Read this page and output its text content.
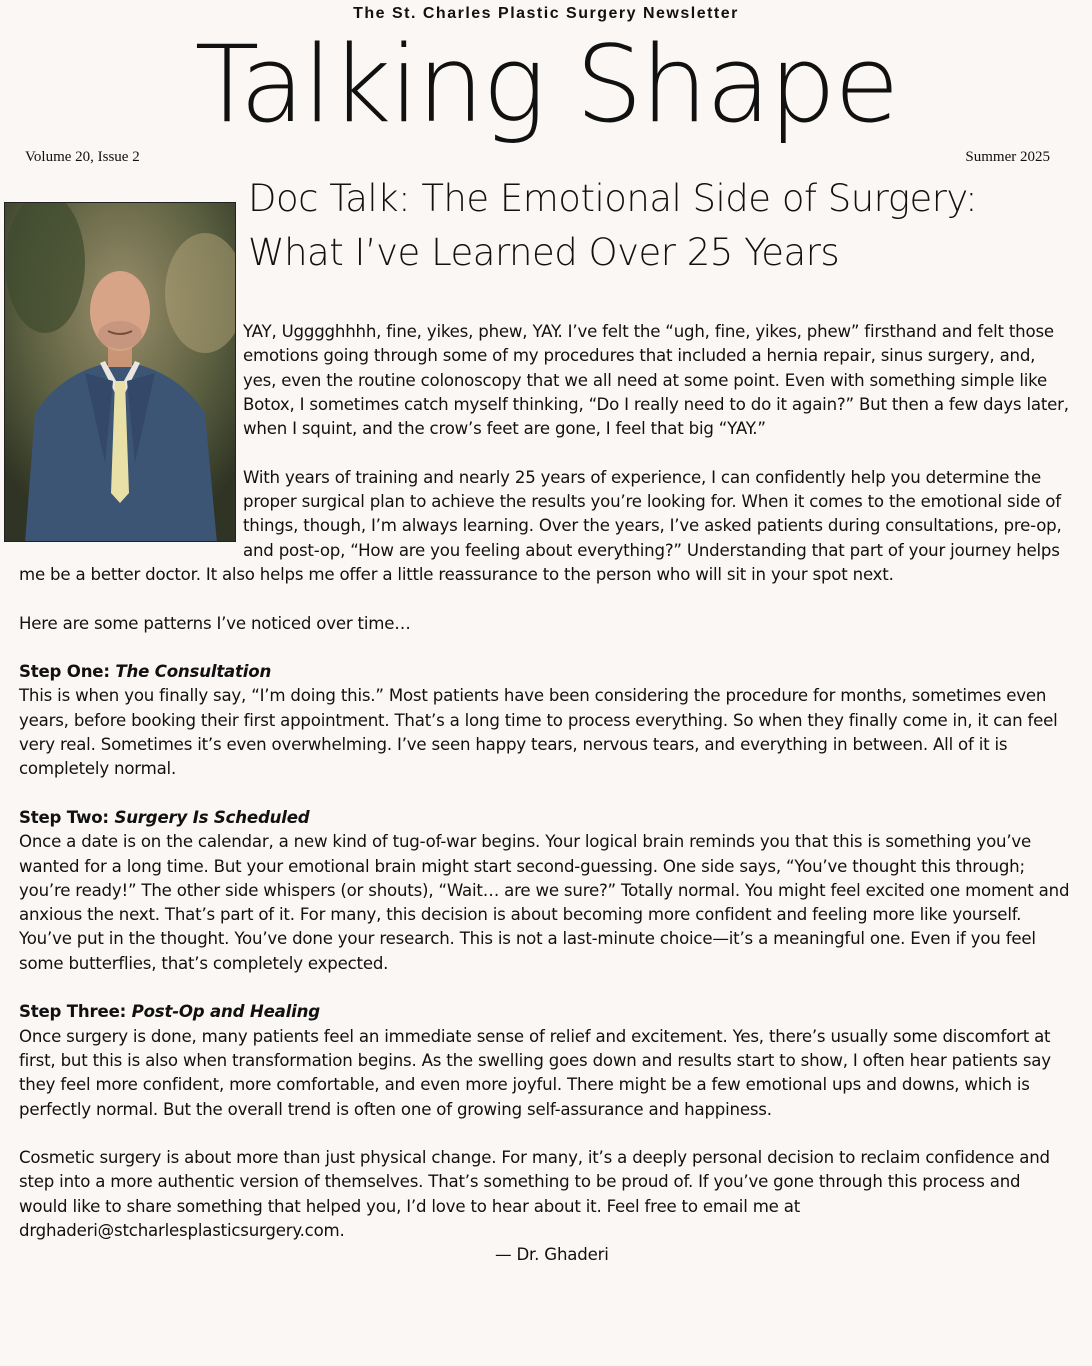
The St. Charles Plastic Surgery Newsletter
Talking Shape
Volume 20, Issue 2	Summer 2025
Doc Talk: The Emotional Side of Surgery:
What I’ve Learned Over 25 Years

YAY, Ugggghhhh, fine, yikes, phew, YAY. I’ve felt the “ugh, fine, yikes, phew” firsthand and felt those emotions going through some of my procedures that included a hernia repair, sinus surgery, and, yes, even the routine colonoscopy that we all need at some point. Even with something simple like Botox, I sometimes catch myself thinking, “Do I really need to do it again?” But then a few days later, when I squint, and the crow’s feet are gone, I feel that big “YAY.”

With years of training and nearly 25 years of experience, I can confidently help you determine the proper surgical plan to achieve the results you’re looking for. When it comes to the emotional side of things, though, I’m always learning. Over the years, I’ve asked patients during consultations, pre-op, and post-op, “How are you feeling about everything?” Understanding that part of your journey helps me be a better doctor. It also helps me offer a little reassurance to the person who will sit in your spot next.

Here are some patterns I’ve noticed over time…

Step One: The Consultation
This is when you finally say, “I’m doing this.” Most patients have been considering the procedure for months, sometimes even years, before booking their first appointment. That’s a long time to process everything. So when they finally come in, it can feel very real. Sometimes it’s even overwhelming. I’ve seen happy tears, nervous tears, and everything in between. All of it is completely normal.

Step Two: Surgery Is Scheduled
Once a date is on the calendar, a new kind of tug-of-war begins. Your logical brain reminds you that this is something you’ve wanted for a long time. But your emotional brain might start second-guessing. One side says, “You’ve thought this through; you’re ready!” The other side whispers (or shouts), “Wait… are we sure?” Totally normal. You might feel excited one moment and anxious the next. That’s part of it. For many, this decision is about becoming more confident and feeling more like yourself. You’ve put in the thought. You’ve done your research. This is not a last-minute choice—it’s a meaningful one. Even if you feel some butterflies, that’s completely expected.

Step Three: Post-Op and Healing
Once surgery is done, many patients feel an immediate sense of relief and excitement. Yes, there’s usually some discomfort at first, but this is also when transformation begins. As the swelling goes down and results start to show, I often hear patients say they feel more confident, more comfortable, and even more joyful. There might be a few emotional ups and downs, which is perfectly normal. But the overall trend is often one of growing self-assurance and happiness.

Cosmetic surgery is about more than just physical change. For many, it’s a deeply personal decision to reclaim confidence and step into a more authentic version of themselves. That’s something to be proud of. If you’ve gone through this process and would like to share something that helped you, I’d love to hear about it. Feel free to email me at drghaderi@stcharlesplasticsurgery.com.

— Dr. Ghaderi
